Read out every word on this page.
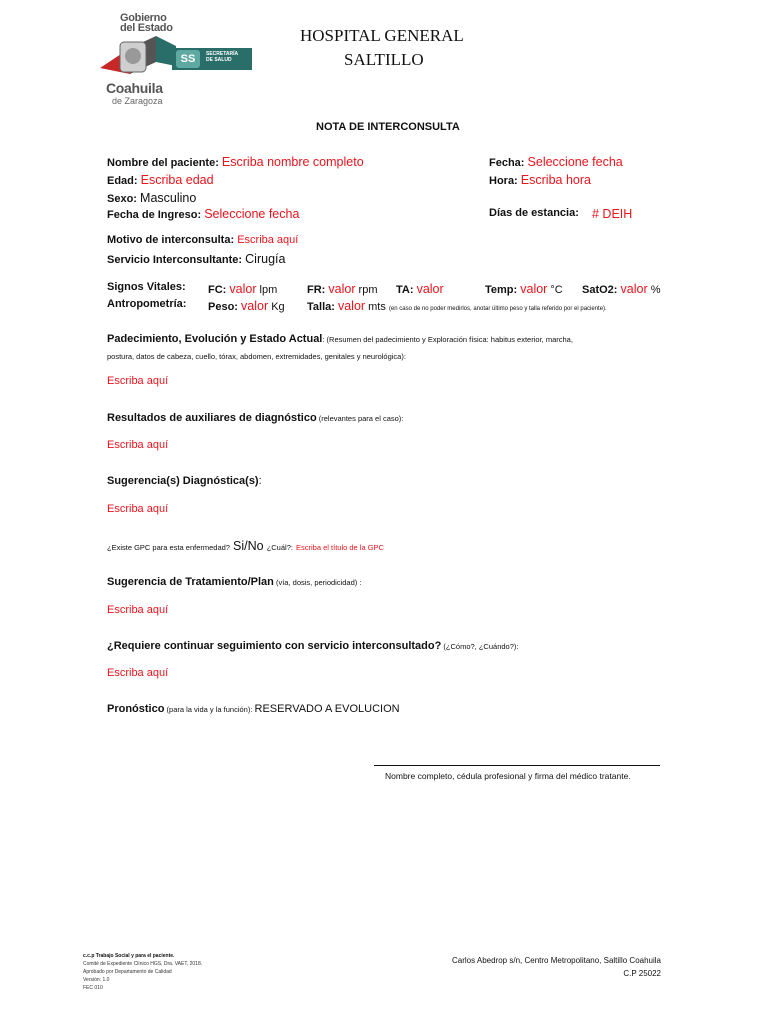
Gobierno
del Estado
SS	SECRETARÍA
DE SALUD
Coahuila
de Zaragoza
HOSPITAL GENERAL
SALTILLO
NOTA DE INTERCONSULTA
Nombre del paciente: Escriba nombre completo
Edad: Escriba edad
Sexo: Masculino
Fecha de Ingreso: Seleccione fecha
Fecha: Seleccione fecha
Hora: Escriba hora
Días de estancia: # DEIH
Motivo de interconsulta: Escriba aquí
Servicio Interconsultante: Cirugía
Signos Vitales: FC: valor lpm	FR: valor rpm TA: valor	Temp: valor °C SatO2: valor %
Antropometría: Peso: valor Kg Talla: valor mts (en caso de no poder medirlos, anotar último peso y talla referido por el paciente).
Padecimiento, Evolución y Estado Actual: (Resumen del padecimiento y Exploración física: habitus exterior, marcha,
postura, datos de cabeza, cuello, tórax, abdomen, extremidades, genitales y neurológica):
Escriba aquí
Resultados de auxiliares de diagnóstico (relevantes para el caso):
Escriba aquí
Sugerencia(s) Diagnóstica(s):
Escriba aquí
¿Existe GPC para esta enfermedad? Si/No ¿Cuál?: Escriba el título de la GPC
Sugerencia de Tratamiento/Plan (vía, dosis, periodicidad) :
Escriba aquí
¿Requiere continuar seguimiento con servicio interconsultado? (¿Cómo?, ¿Cuándo?):
Escriba aquí
Pronóstico (para la vida y la función): RESERVADO A EVOLUCION
Nombre completo, cédula profesional y firma del médico tratante.
c.c.p Trabajo Social y para el paciente.
Comité de Expediente Clínico HGS, Dra. VAET, 2018.
Aprobado por Departamento de Calidad
Versión: 1.0
FEC 010
Carlos Abedrop s/n, Centro Metropolitano, Saltillo Coahuila
C.P 25022
